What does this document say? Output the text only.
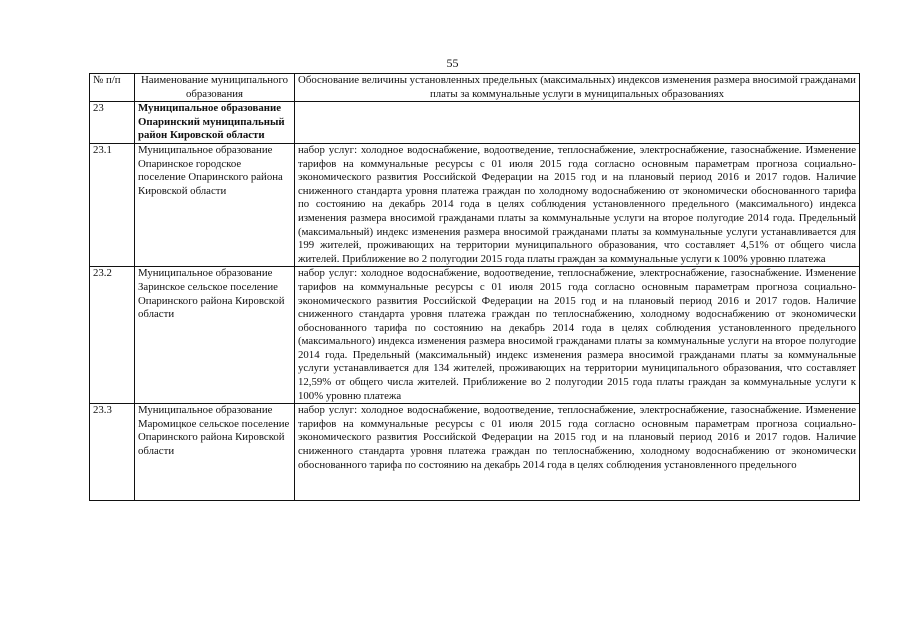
55
№ п/п	Наименование муниципального образования	Обоснование величины установленных предельных (максимальных) индексов изменения размера вносимой гражданами платы за коммунальные услуги в муниципальных образованиях
23	Муниципальное образование Опаринский муниципальный район Кировской области	
23.1	Муниципальное образование Опаринское городское поселение Опаринского района Кировской области	набор услуг: холодное водоснабжение, водоотведение, теплоснабжение, электроснабжение, газоснабжение. Изменение тарифов на коммунальные ресурсы с 01 июля 2015 года согласно основным параметрам прогноза социально-экономического развития Российской Федерации на 2015 год и на плановый период 2016 и 2017 годов. Наличие сниженного стандарта уровня платежа граждан по холодному водоснабжению от экономически обоснованного тарифа по состоянию на декабрь 2014 года в целях соблюдения установленного предельного (максимального) индекса изменения размера вносимой гражданами платы за коммунальные услуги на второе полугодие 2014 года. Предельный (максимальный) индекс изменения размера вносимой гражданами платы за коммунальные услуги устанавливается для 199 жителей, проживающих на территории муниципального образования, что составляет 4,51% от общего числа жителей. Приближение во 2 полугодии 2015 года платы граждан за коммунальные услуги к 100% уровню платежа
23.2	Муниципальное образование Заринское сельское поселение Опаринского района Кировской области	набор услуг: холодное водоснабжение, водоотведение, теплоснабжение, электроснабжение, газоснабжение. Изменение тарифов на коммунальные ресурсы с 01 июля 2015 года согласно основным параметрам прогноза социально-экономического развития Российской Федерации на 2015 год и на плановый период 2016 и 2017 годов. Наличие сниженного стандарта уровня платежа граждан по теплоснабжению, холодному водоснабжению от экономически обоснованного тарифа по состоянию на декабрь 2014 года в целях соблюдения установленного предельного (максимального) индекса изменения размера вносимой гражданами платы за коммунальные услуги на второе полугодие 2014 года. Предельный (максимальный) индекс изменения размера вносимой гражданами платы за коммунальные услуги устанавливается для 134 жителей, проживающих на территории муниципального образования, что составляет 12,59% от общего числа жителей. Приближение во 2 полугодии 2015 года платы граждан за коммунальные услуги к 100% уровню платежа

23.3	Муниципальное образование Маромицкое сельское поселение Опаринского района Кировской области	набор услуг: холодное водоснабжение, водоотведение, теплоснабжение, электроснабжение, газоснабжение. Изменение тарифов на коммунальные ресурсы с 01 июля 2015 года согласно основным параметрам прогноза социально-экономического развития Российской Федерации на 2015 год и на плановый период 2016 и 2017 годов. Наличие сниженного стандарта уровня платежа граждан по теплоснабжению, холодному водоснабжению от экономически обоснованного тарифа по состоянию на декабрь 2014 года в целях соблюдения установленного предельного
